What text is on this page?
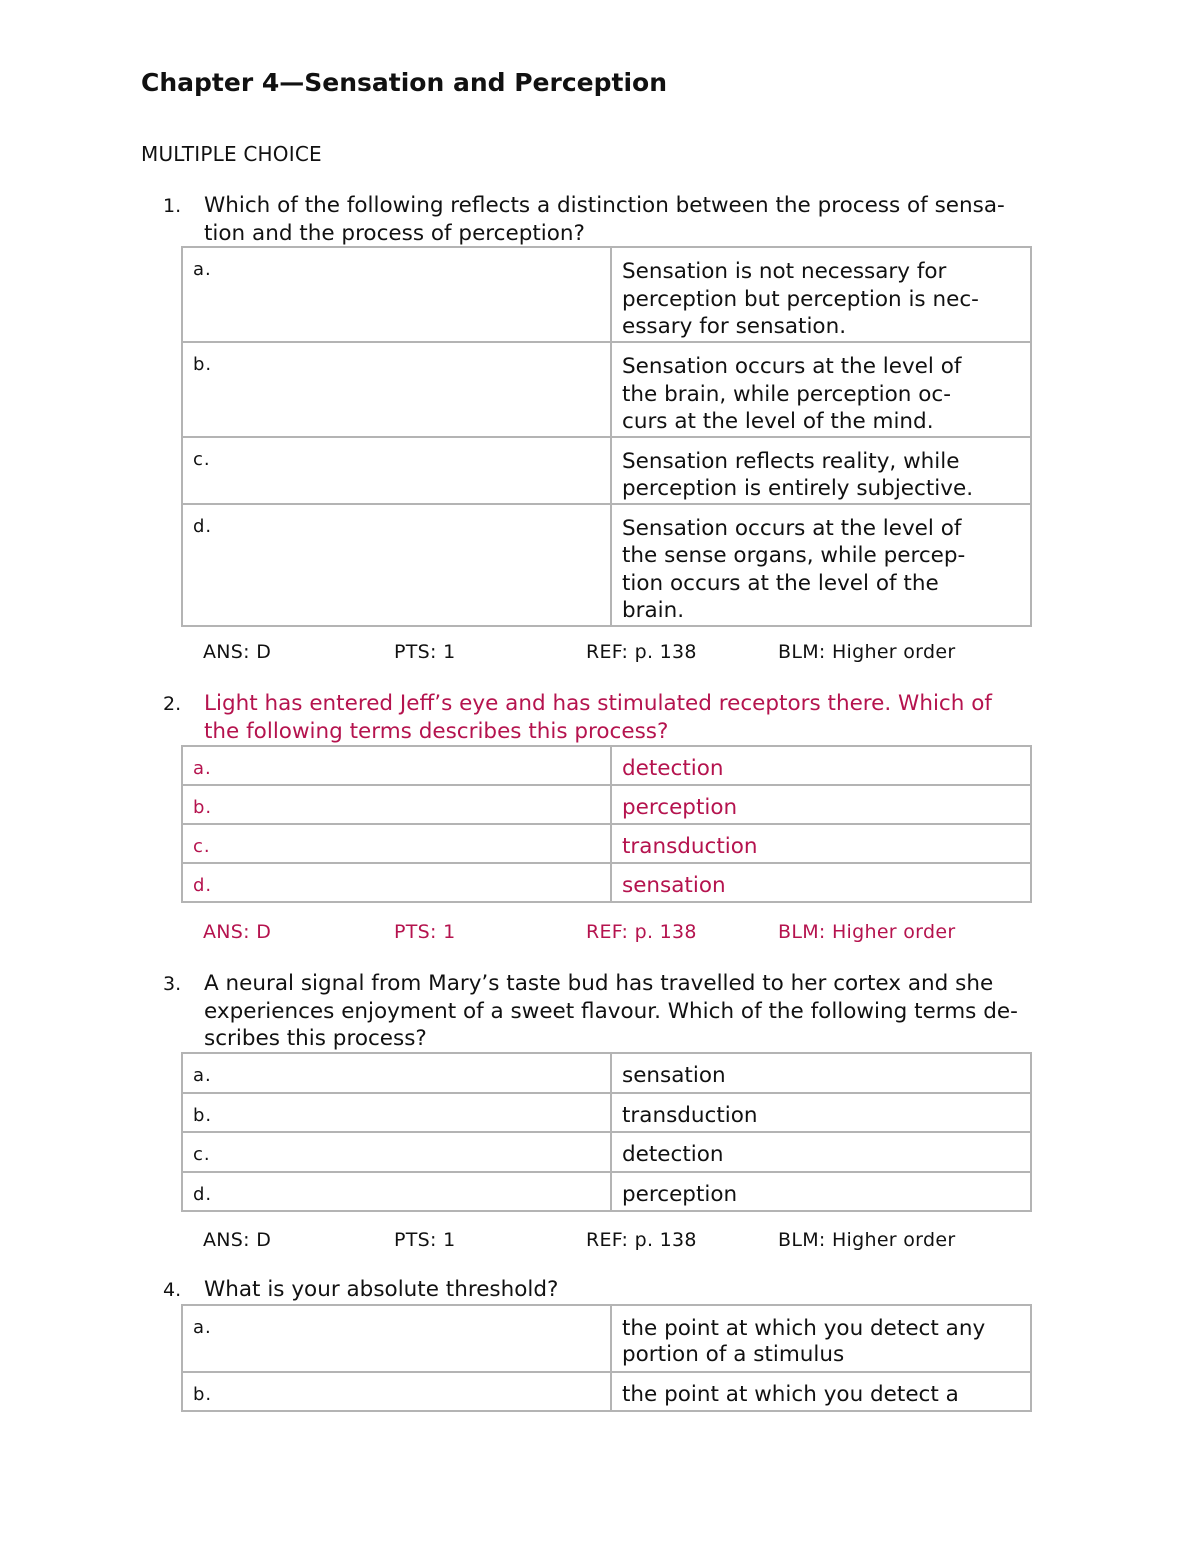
Chapter 4—Sensation and Perception
MULTIPLE CHOICE
1. Which of the following reflects a distinction between the process of sensa-
tion and the process of perception?
a.	Sensation is not necessary for
perception but perception is nec-
essary for sensation.

b.	Sensation occurs at the level of
the brain, while perception oc-
curs at the level of the mind.

c.	Sensation reflects reality, while
perception is entirely subjective.

d.	Sensation occurs at the level of
the sense organs, while percep-
tion occurs at the level of the
brain.
ANS: D	PTS: 1	REF: p. 138	BLM: Higher order
2. Light has entered Jeff’s eye and has stimulated receptors there. Which of
the following terms describes this process?
a.	detection
b.	perception
c.	transduction
d.	sensation
ANS: D	PTS: 1	REF: p. 138	BLM: Higher order
3. A neural signal from Mary’s taste bud has travelled to her cortex and she
experiences enjoyment of a sweet flavour. Which of the following terms de-
scribes this process?
a.	sensation
b.	transduction
c.	detection
d.	perception
ANS: D	PTS: 1	REF: p. 138	BLM: Higher order
4. What is your absolute threshold?
a.	the point at which you detect any
portion of a stimulus

b.	the point at which you detect a
